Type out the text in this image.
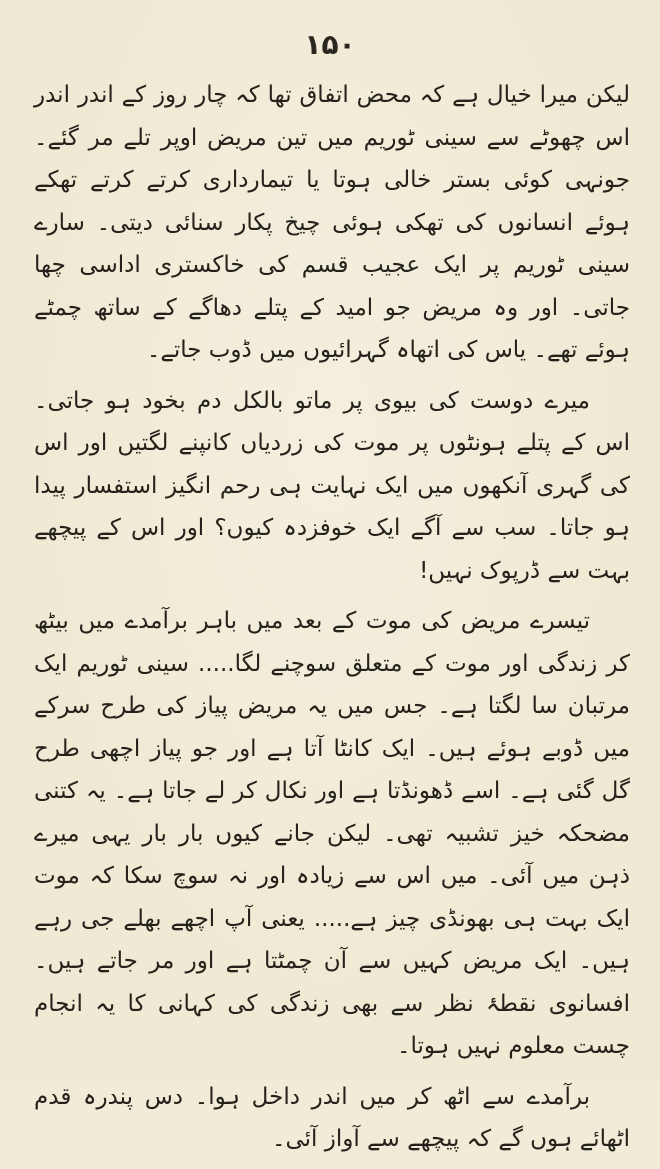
۱۵۰

لیکن میرا خیال ہے کہ محض اتفاق تھا کہ چار روز کے اندر اندر اس چھوٹے سے سینی ٹوریم میں تین مریض اوپر تلے مر گئے۔ جونہی کوئی بستر خالی ہوتا یا تیمارداری کرتے کرتے تھکے ہوئے انسانوں کی تھکی ہوئی چیخ پکار سنائی دیتی۔ سارے سینی ٹوریم پر ایک عجیب قسم کی خاکستری اداسی چھا جاتی۔ اور وہ مریض جو امید کے پتلے دھاگے کے ساتھ چمٹے ہوئے تھے۔ یاس کی اتھاہ گہرائیوں میں ڈوب جاتے۔

میرے دوست کی بیوی پر ماتو بالکل دم بخود ہو جاتی۔ اس کے پتلے ہونٹوں پر موت کی زردیاں کانپنے لگتیں اور اس کی گہری آنکھوں میں ایک نہایت ہی رحم انگیز استفسار پیدا ہو جاتا۔ سب سے آگے ایک خوفزدہ کیوں؟ اور اس کے پیچھے بہت سے ڈرپوک نہیں!

تیسرے مریض کی موت کے بعد میں باہر برآمدے میں بیٹھ کر زندگی اور موت کے متعلق سوچنے لگا..... سینی ٹوریم ایک مرتبان سا لگتا ہے۔ جس میں یہ مریض پیاز کی طرح سرکے میں ڈوبے ہوئے ہیں۔ ایک کانٹا آتا ہے اور جو پیاز اچھی طرح گل گئی ہے۔ اسے ڈھونڈتا ہے اور نکال کر لے جاتا ہے۔ یہ کتنی مضحکہ خیز تشبیہ تھی۔ لیکن جانے کیوں بار بار یہی میرے ذہن میں آئی۔ میں اس سے زیادہ اور نہ سوچ سکا کہ موت ایک بہت ہی بھونڈی چیز ہے..... یعنی آپ اچھے بھلے جی رہے ہیں۔ ایک مریض کہیں سے آن چمٹتا ہے اور مر جاتے ہیں۔ افسانوی نقطۂ نظر سے بھی زندگی کی کہانی کا یہ انجام چست معلوم نہیں ہوتا۔

برآمدے سے اٹھ کر میں اندر داخل ہوا۔ دس پندرہ قدم اٹھائے ہوں گے کہ پیچھے سے آواز آئی۔
